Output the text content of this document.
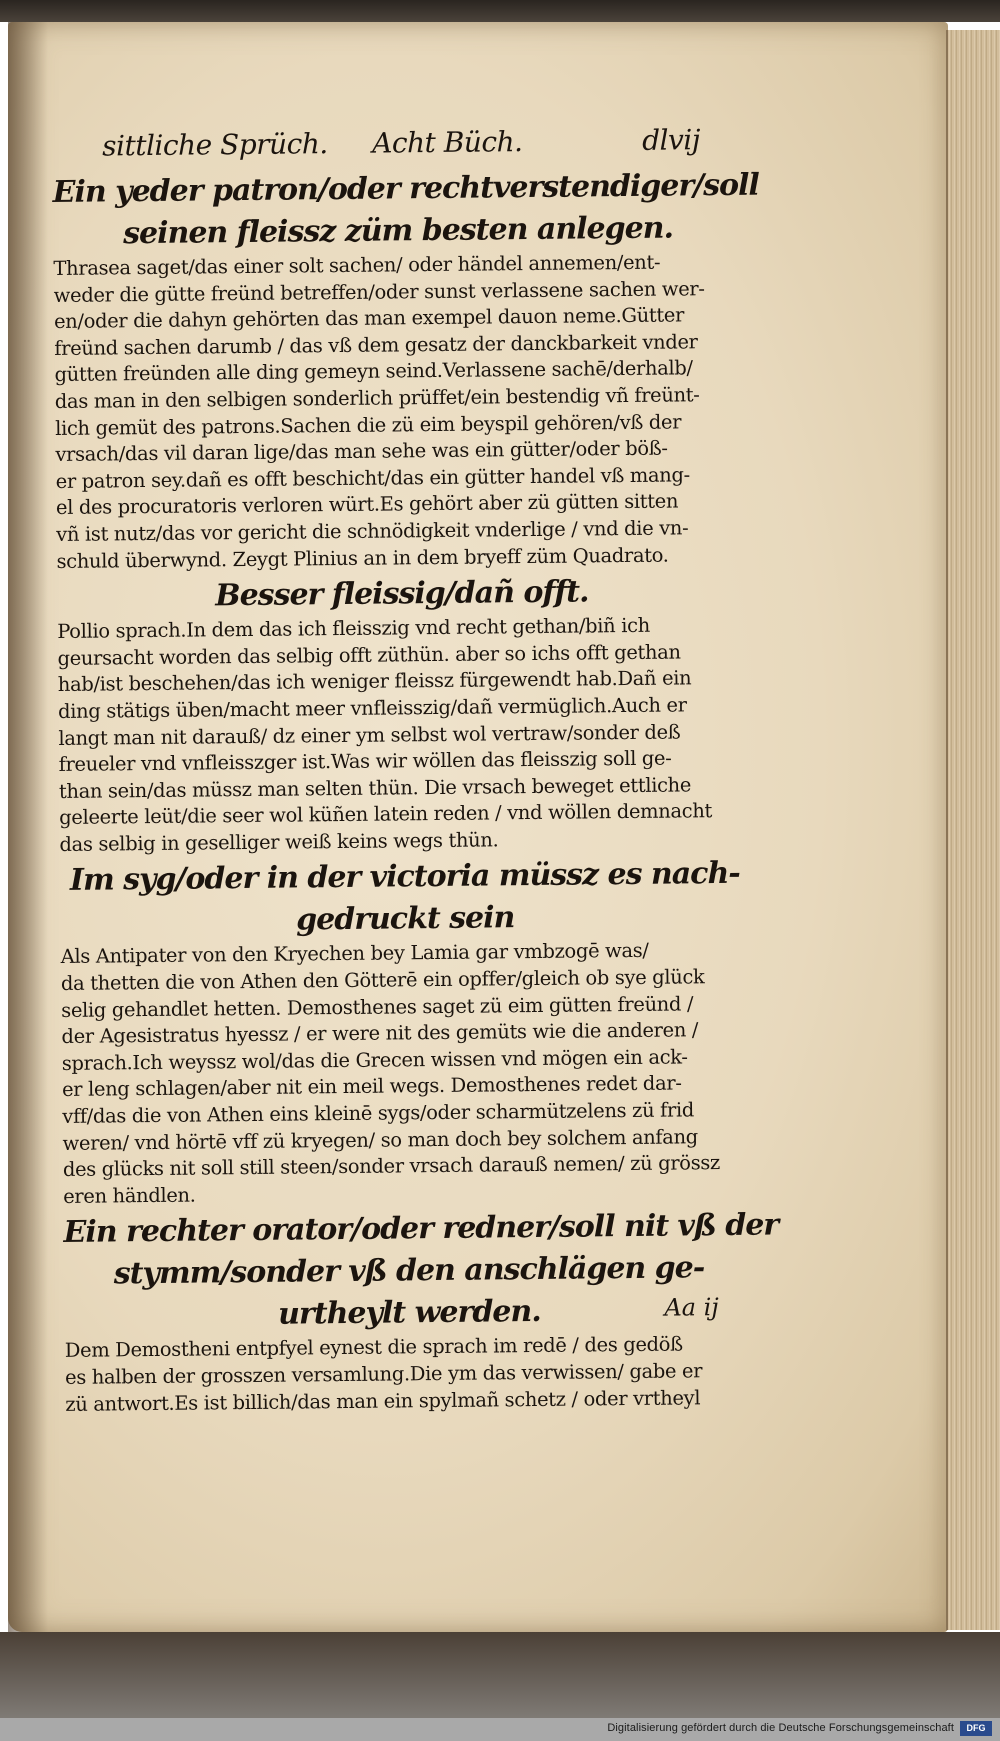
sittliche Sprüch. Acht Büch.	dlvij
Ein yeder patron/oder rechtverstendiger/soll
seinen fleissz züm besten anlegen.

Thrasea saget/das einer solt sachen/ oder händel annemen/ent-
weder die gütte freünd betreffen/oder sunst verlassene sachen wer-
en/oder die dahyn gehörten das man exempel dauon neme.Gütter
freünd sachen darumb / das vß dem gesatz der danckbarkeit vnder
gütten freünden alle ding gemeyn seind.Verlassene sachē/derhalb/
das man in den selbigen sonderlich prüffet/ein bestendig vñ freünt-
lich gemüt des patrons.Sachen die zü eim beyspil gehören/vß der
vrsach/das vil daran lige/das man sehe was ein gütter/oder böß-
er patron sey.dañ es offt beschicht/das ein gütter handel vß mang-
el des procuratoris verloren würt.Es gehört aber zü gütten sitten
vñ ist nutz/das vor gericht die schnödigkeit vnderlige / vnd die vn-
schuld überwynd. Zeygt Plinius an in dem bryeff züm Quadrato.

Besser fleissig/dañ offt.

Pollio sprach.In dem das ich fleisszig vnd recht gethan/biñ ich
geursacht worden das selbig offt züthün. aber so ichs offt gethan
hab/ist beschehen/das ich weniger fleissz fürgewendt hab.Dañ ein
ding stätigs üben/macht meer vnfleisszig/dañ vermüglich.Auch er
langt man nit darauß/ dz einer ym selbst wol vertraw/sonder deß
freueler vnd vnfleisszger ist.Was wir wöllen das fleisszig soll ge-
than sein/das müssz man selten thün. Die vrsach beweget ettliche
geleerte leüt/die seer wol küñen latein reden / vnd wöllen demnacht
das selbig in geselliger weiß keins wegs thün.

Im syg/oder in der victoria müssz es nach-
gedruckt sein

Als Antipater von den Kryechen bey Lamia gar vmbzogē was/
da thetten die von Athen den Götterē ein opffer/gleich ob sye glück
selig gehandlet hetten. Demosthenes saget zü eim gütten freünd /
der Agesistratus hyessz / er were nit des gemüts wie die anderen /
sprach.Ich weyssz wol/das die Grecen wissen vnd mögen ein ack-
er leng schlagen/aber nit ein meil wegs. Demosthenes redet dar-
vff/das die von Athen eins kleinē sygs/oder scharmützelens zü frid
weren/ vnd hörtē vff zü kryegen/ so man doch bey solchem anfang
des glücks nit soll still steen/sonder vrsach darauß nemen/ zü grössz
eren händlen.

Ein rechter orator/oder redner/soll nit vß der
stymm/sonder vß den anschlägen ge-
urtheylt werden.

Dem Demostheni entpfyel eynest die sprach im redē / des gedöß
es halben der grosszen versamlung.Die ym das verwissen/ gabe er
zü antwort.Es ist billich/das man ein spylmañ schetz / oder vrtheyl

Aa ij
Digitalisierung gefördert durch die Deutsche Forschungsgemeinschaft	DFG
